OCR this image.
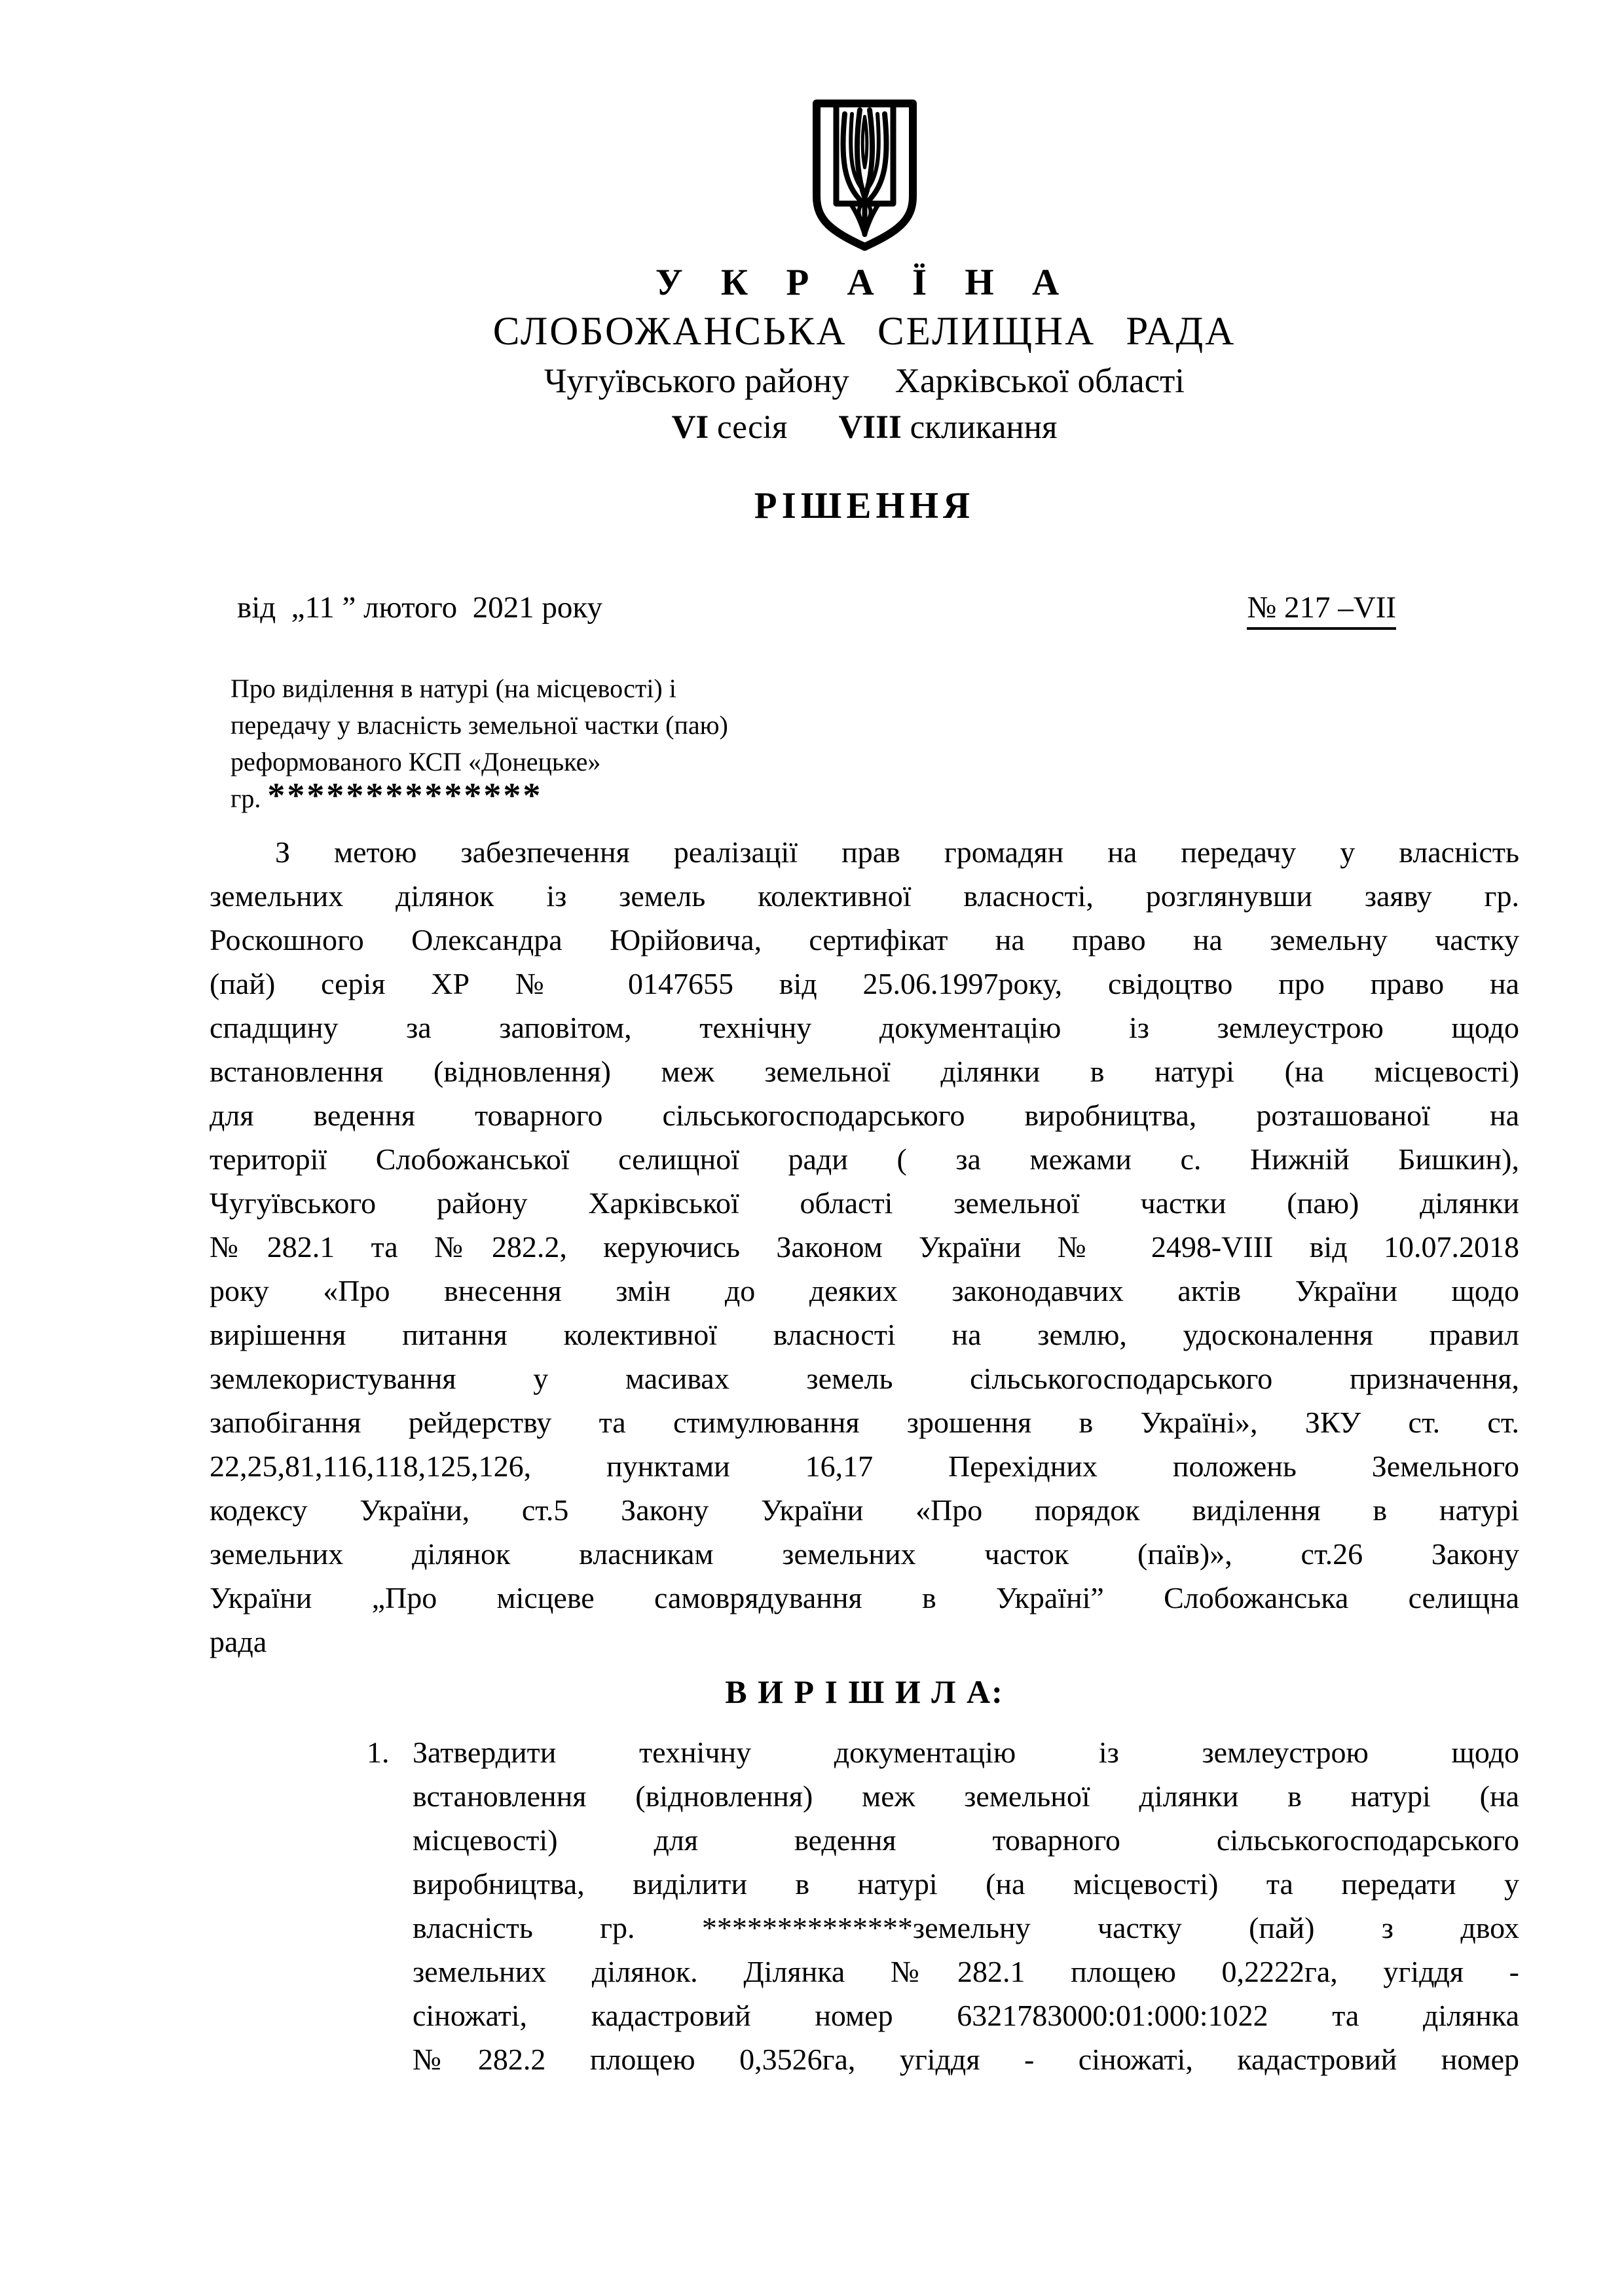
У К Р А Ї Н А
СЛОБОЖАНСЬКА СЕЛИЩНА РАДА
Чугуївського району Харківської області
VI сесія VIII скликання
РІШЕННЯ
від  „11 ” лютого  2021 року	№ 217 –VII
Про виділення в натурі (на місцевості) і
передачу у власність земельної частки (паю)
реформованого КСП «Донецьке»
гр. **************
З метою забезпечення реалізації прав громадян на передачу у власність
земельних ділянок із земель колективної власності, розглянувши заяву гр.
Роскошного Олександра Юрійовича, сертифікат на право на земельну частку
(пай) серія ХР № 0147655 від 25.06.1997року, свідоцтво про право на
спадщину за заповітом, технічну документацію із землеустрою щодо
встановлення (відновлення) меж земельної ділянки в натурі (на місцевості)
для ведення товарного сільськогосподарського виробництва, розташованої на
території Слобожанської селищної ради ( за межами с. Нижній Бишкин),
Чугуївського району Харківської області земельної частки (паю) ділянки
№282.1 та №282.2, керуючись Законом України № 2498-VIII від 10.07.2018
року «Про внесення змін до деяких законодавчих актів України щодо
вирішення питання колективної власності на землю, удосконалення правил
землекористування у масивах земель сільськогосподарського призначення,
запобігання рейдерству та стимулювання зрошення в Україні», ЗКУ ст. ст.
22,25,81,116,118,125,126, пунктами 16,17 Перехідних положень Земельного
кодексу України, ст.5 Закону України «Про порядок виділення в натурі
земельних ділянок власникам земельних часток (паїв)», ст.26 Закону
України „Про місцеве самоврядування в Україні” Слобожанська селищна
рада
В И Р І Ш И Л А:
1. Затвердити технічну документацію із землеустрою щодо
встановлення (відновлення) меж земельної ділянки в натурі (на
місцевості) для ведення товарного сільськогосподарського
виробництва, виділити в натурі (на місцевості) та передати у
власність гр. **************земельну частку (пай) з двох
земельних ділянок. Ділянка №282.1 площею 0,2222га, угіддя -
сіножаті, кадастровий номер 6321783000:01:000:1022 та ділянка
№282.2 площею 0,3526га, угіддя - сіножаті, кадастровий номер
